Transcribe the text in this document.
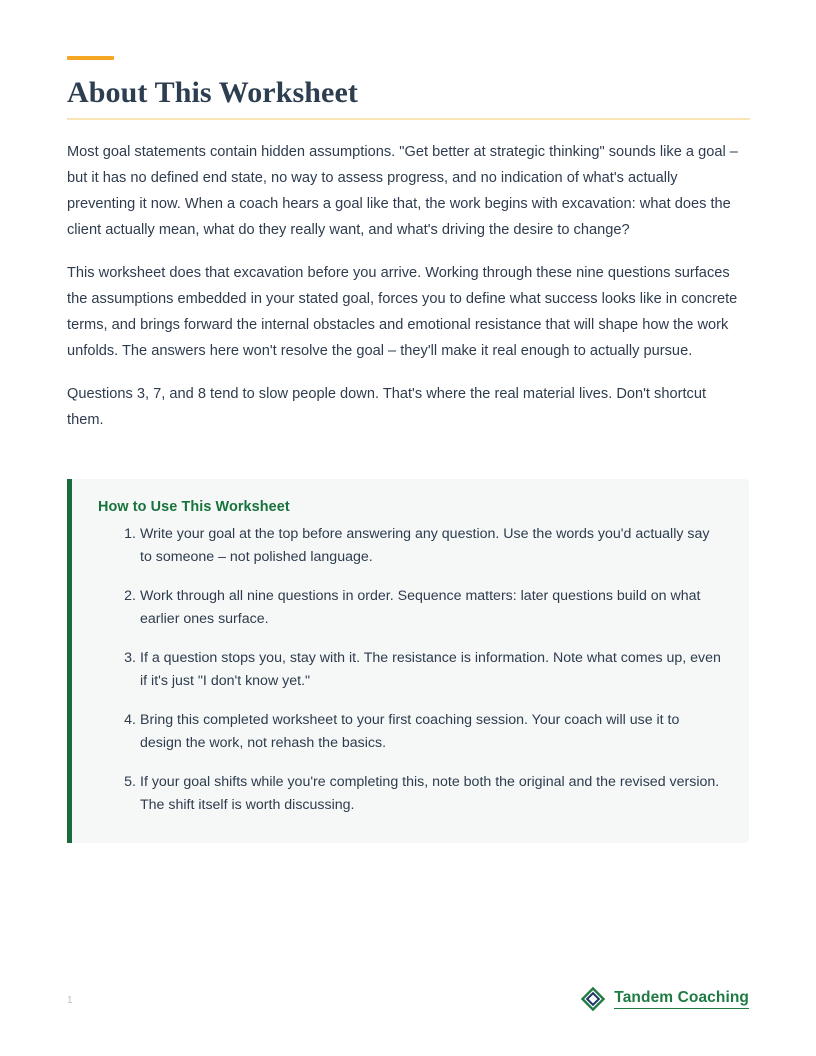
About This Worksheet

Most goal statements contain hidden assumptions. "Get better at strategic thinking" sounds like a goal – but it has no defined end state, no way to assess progress, and no indication of what's actually preventing it now. When a coach hears a goal like that, the work begins with excavation: what does the client actually mean, what do they really want, and what's driving the desire to change?

This worksheet does that excavation before you arrive. Working through these nine questions surfaces the assumptions embedded in your stated goal, forces you to define what success looks like in concrete terms, and brings forward the internal obstacles and emotional resistance that will shape how the work unfolds. The answers here won't resolve the goal – they'll make it real enough to actually pursue.

Questions 3, 7, and 8 tend to slow people down. That's where the real material lives. Don't shortcut them.

How to Use This Worksheet
Write your goal at the top before answering any question. Use the words you'd actually say to someone – not polished language.
Work through all nine questions in order. Sequence matters: later questions build on what earlier ones surface.
If a question stops you, stay with it. The resistance is information. Note what comes up, even if it's just "I don't know yet."
Bring this completed worksheet to your first coaching session. Your coach will use it to design the work, not rehash the basics.
If your goal shifts while you're completing this, note both the original and the revised version. The shift itself is worth discussing.
1	Tandem Coaching
